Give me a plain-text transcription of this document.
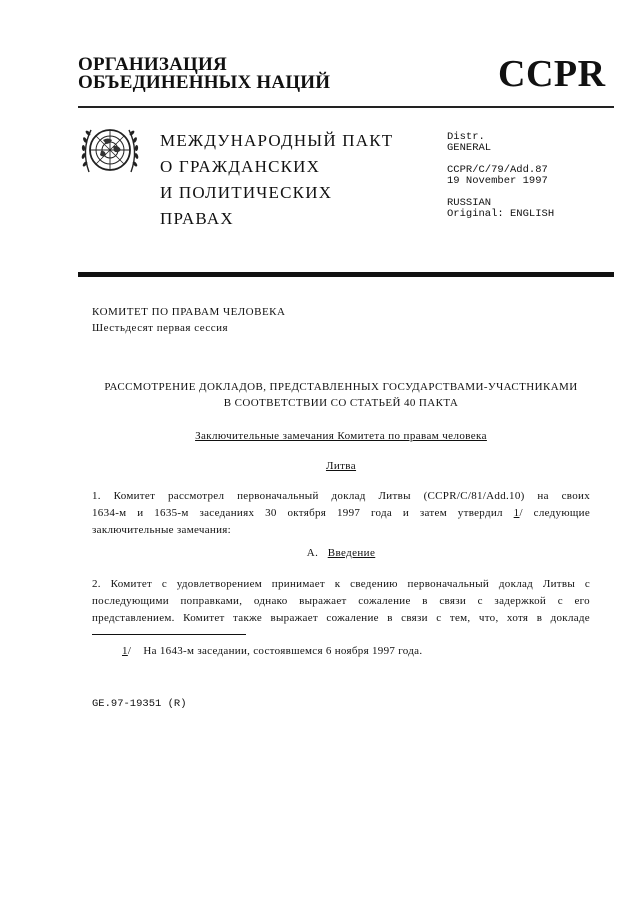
ОРГАНИЗАЦИЯ
ОБЪЕДИНЕННЫХ НАЦИЙ	CCPR
МЕЖДУНАРОДНЫЙ ПАКТ
О ГРАЖДАНСКИХ
И ПОЛИТИЧЕСКИХ
ПРАВАХ
Distr.
GENERAL
CCPR/C/79/Add.87
19 November 1997
RUSSIAN
Original: ENGLISH
КОМИТЕТ ПО ПРАВАМ ЧЕЛОВЕКА
Шестьдесят первая сессия
РАССМОТРЕНИЕ ДОКЛАДОВ, ПРЕДСТАВЛЕННЫХ ГОСУДАРСТВАМИ-УЧАСТНИКАМИ
В СООТВЕТСТВИИ СО СТАТЬЕЙ 40 ПАКТА
Заключительные замечания Комитета по правам человека
Литва
1. Комитет рассмотрел первоначальный доклад Литвы (CCPR/C/81/Add.10) на своих
1634-м и 1635-м заседаниях 30 октября 1997 года и затем утвердил 1/ следующие
заключительные замечания:
A. Введение
2. Комитет с удовлетворением принимает к сведению первоначальный доклад Литвы с
последующими поправками, однако выражает сожаление в связи с задержкой с его
представлением. Комитет также выражает сожаление в связи с тем, что, хотя в докладе
1/ На 1643-м заседании, состоявшемся 6 ноября 1997 года.
GE.97-19351 (R)
